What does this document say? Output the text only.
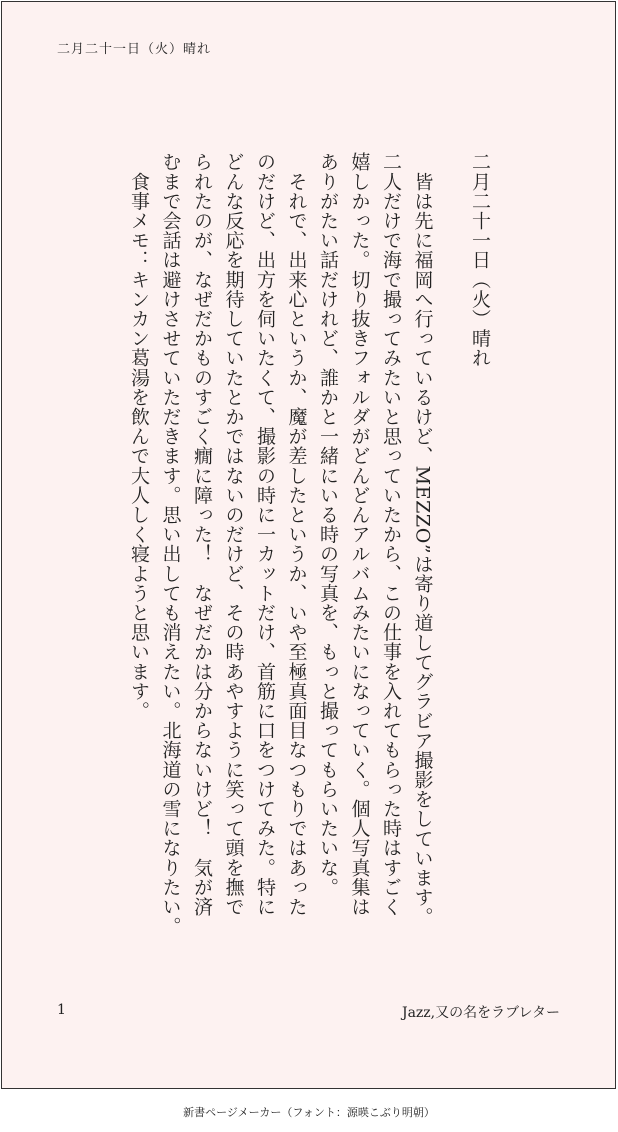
二月二十一日（火）晴れ
二月二十一日（火）晴れ
　皆は先に福岡へ行っているけど、MEZZO”は寄り道してグラビア撮影をしています。
二人だけで海で撮ってみたいと思っていたから、この仕事を入れてもらった時はすごく
嬉しかった。切り抜きフォルダがどんどんアルバムみたいになっていく。個人写真集は
ありがたい話だけれど、誰かと一緒にいる時の写真を、もっと撮ってもらいたいな。
　それで、出来心というか、魔が差したというか、いや至極真面目なつもりではあった
のだけど、出方を伺いたくて、撮影の時に一カットだけ、首筋に口をつけてみた。特に
どんな反応を期待していたとかではないのだけど、その時あやすように笑って頭を撫で
られたのが、なぜだかものすごく癇に障った！　なぜだかは分からないけど！　気が済
むまで会話は避けさせていただきます。思い出しても消えたい。北海道の雪になりたい。
　食事メモ：キンカン葛湯を飲んで大人しく寝ようと思います。
1	Jazz,又の名をラブレター
新書ページメーカー（フォント：源暎こぶり明朝）
